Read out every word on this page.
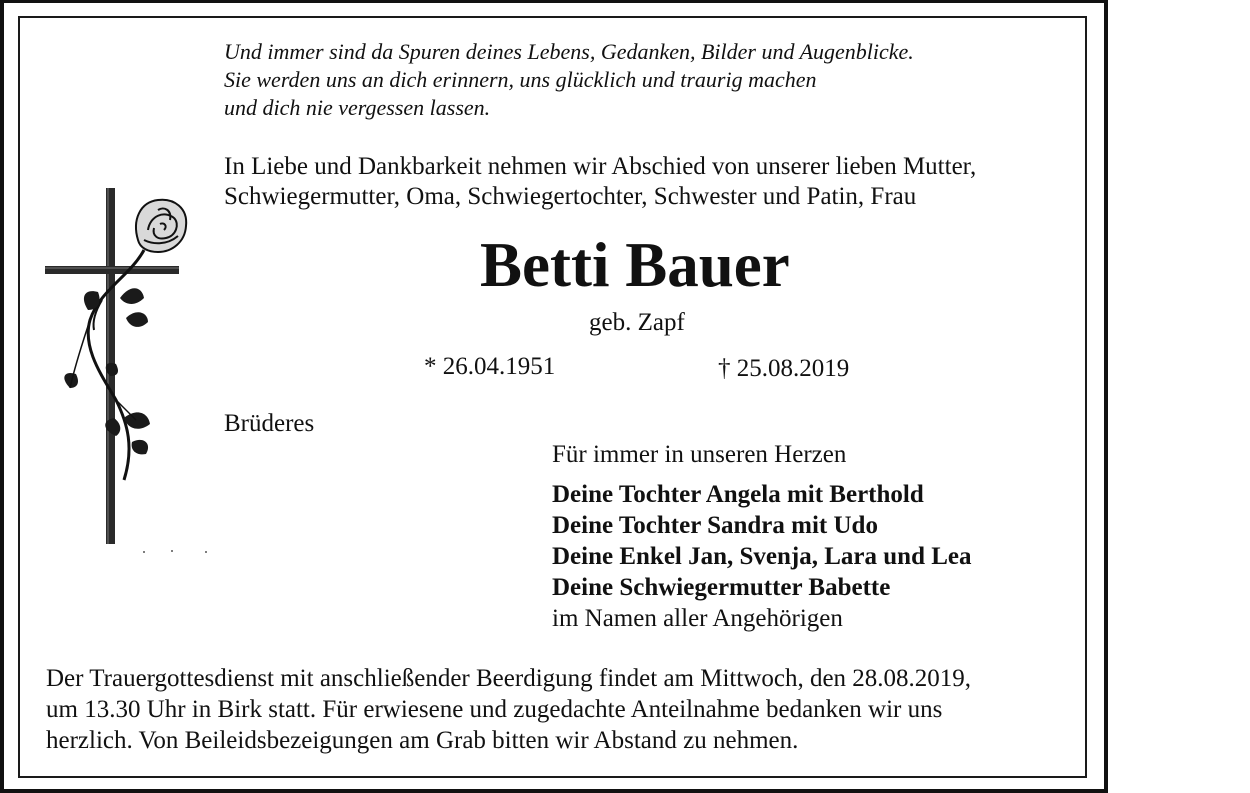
Und immer sind da Spuren deines Lebens, Gedanken, Bilder und Augenblicke.
Sie werden uns an dich erinnern, uns glücklich und traurig machen
und dich nie vergessen lassen.
In Liebe und Dankbarkeit nehmen wir Abschied von unserer lieben Mutter,
Schwiegermutter, Oma, Schwiegertochter, Schwester und Patin, Frau
Betti Bauer
geb. Zapf
* 26.04.1951	† 25.08.2019
Brüderes
Für immer in unseren Herzen
Deine Tochter Angela mit Berthold
Deine Tochter Sandra mit Udo
Deine Enkel Jan, Svenja, Lara und Lea
Deine Schwiegermutter Babette
im Namen aller Angehörigen
Der Trauergottesdienst mit anschließender Beerdigung findet am Mittwoch, den 28.08.2019,
um 13.30 Uhr in Birk statt. Für erwiesene und zugedachte Anteilnahme bedanken wir uns
herzlich. Von Beileidsbezeigungen am Grab bitten wir Abstand zu nehmen.
